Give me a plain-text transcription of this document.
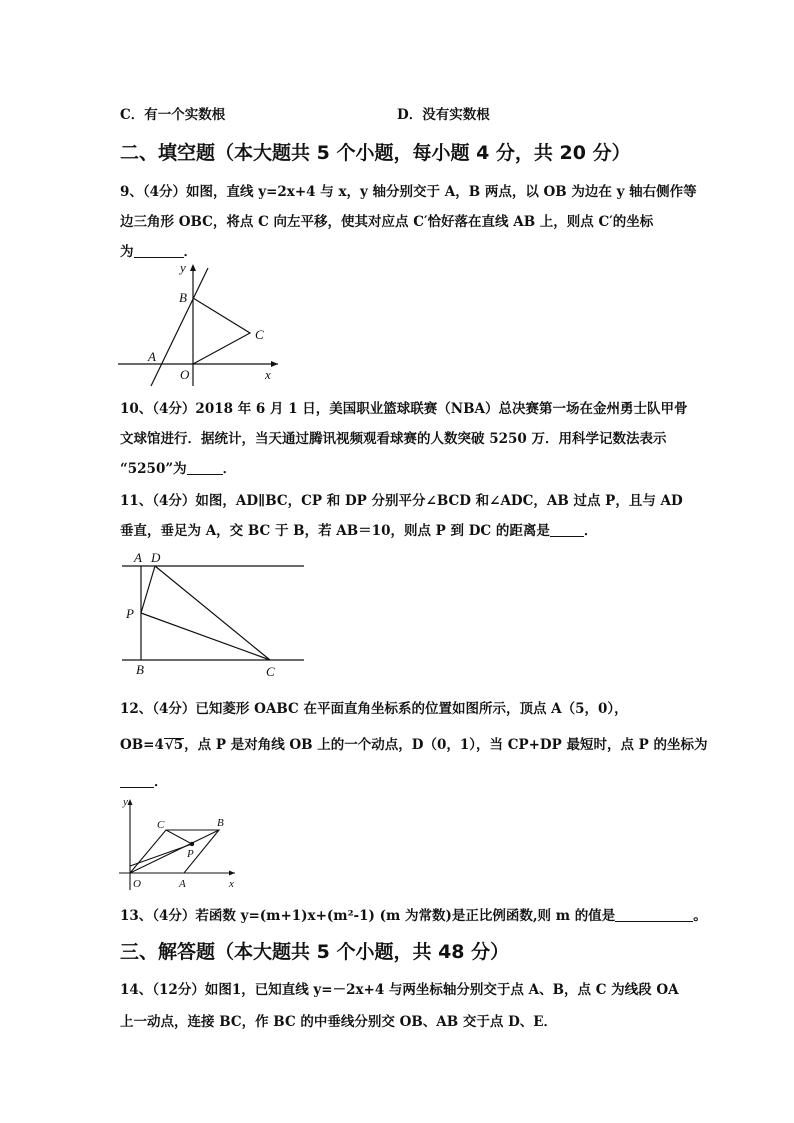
C．有一个实数根	D．没有实数根
二、填空题（本大题共 5 个小题，每小题 4 分，共 20 分）
9、（4分）如图，直线 y=2x+4 与 x，y 轴分别交于 A，B 两点，以 OB 为边在 y 轴右侧作等
边三角形 OBC，将点 C 向左平移，使其对应点 C′恰好落在直线 AB 上，则点 C′的坐标
为	．
y
x
B
C
A
O
10、（4分）2018 年 6 月 1 日，美国职业篮球联赛（NBA）总决赛第一场在金州勇士队甲骨
文球馆进行．据统计，当天通过腾讯视频观看球赛的人数突破 5250 万．用科学记数法表示
“5250”为	．
11、（4分）如图，AD∥BC，CP 和 DP 分别平分∠BCD 和∠ADC，AB 过点 P，且与 AD
垂直，垂足为 A，交 BC 于 B，若 AB＝10，则点 P 到 DC 的距离是	．
A D
P
B	C
12、（4分）已知菱形 OABC 在平面直角坐标系的位置如图所示，顶点 A（5，0），
OB=4√5，点 P 是对角线 OB 上的一个动点，D（0，1），当 CP+DP 最短时，点 P 的坐标为
．
y
x
C	B
P
O	A
13、（4分）若函数 y=(m+1)x+(m²-1) (m 为常数)是正比例函数,则 m 的值是	。
三、解答题（本大题共 5 个小题，共 48 分）
14、（12分）如图1，已知直线 y=－2x+4 与两坐标轴分别交于点 A、B，点 C 为线段 OA
上一动点，连接 BC，作 BC 的中垂线分别交 OB、AB 交于点 D、E．
